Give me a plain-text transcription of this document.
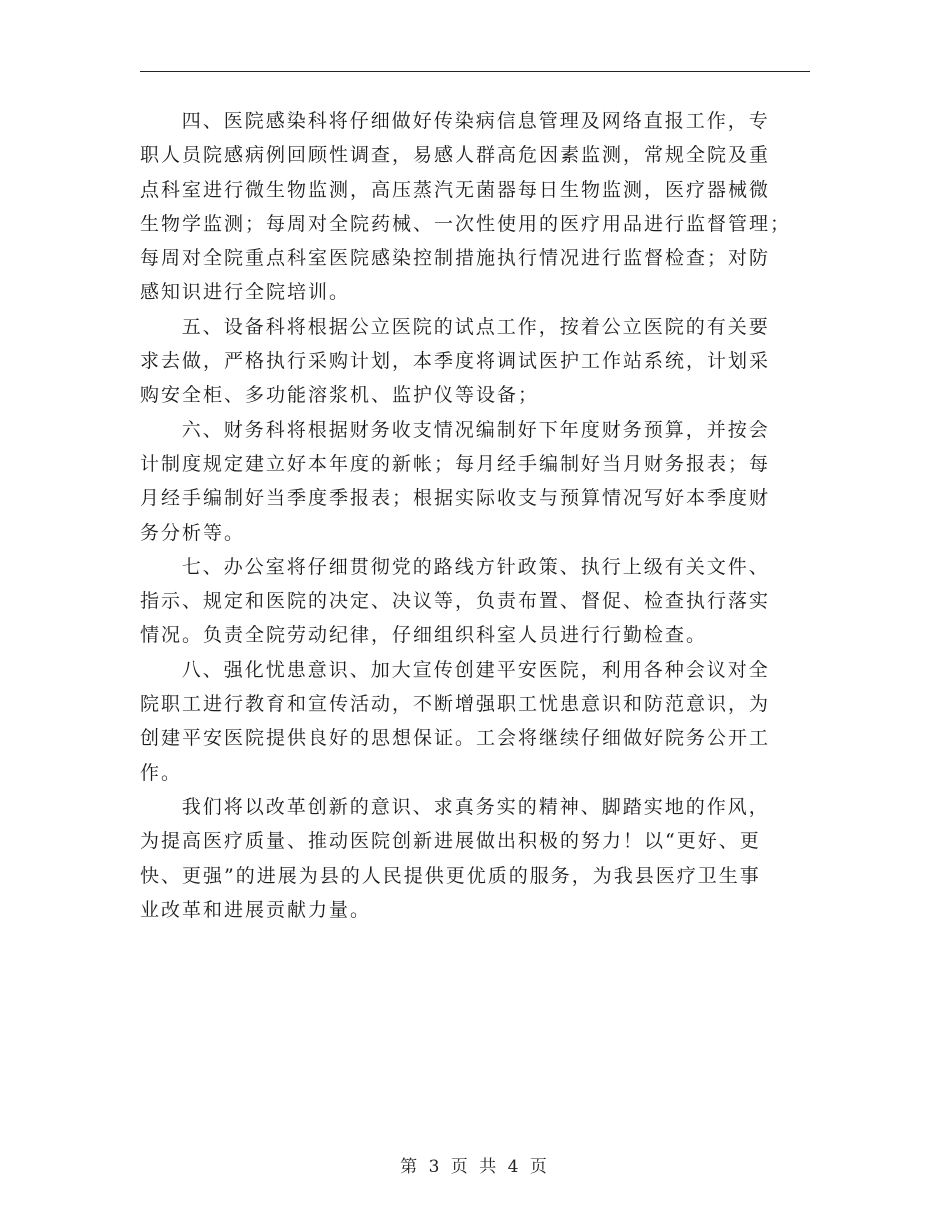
四、医院感染科将仔细做好传染病信息管理及网络直报工作，专
职人员院感病例回顾性调查，易感人群高危因素监测，常规全院及重
点科室进行微生物监测，高压蒸汽无菌器每日生物监测，医疗器械微
生物学监测；每周对全院药械、一次性使用的医疗用品进行监督管理；
每周对全院重点科室医院感染控制措施执行情况进行监督检查；对防
感知识进行全院培训。

五、设备科将根据公立医院的试点工作，按着公立医院的有关要
求去做，严格执行采购计划，本季度将调试医护工作站系统，计划采
购安全柜、多功能溶浆机、监护仪等设备；

六、财务科将根据财务收支情况编制好下年度财务预算，并按会
计制度规定建立好本年度的新帐；每月经手编制好当月财务报表；每
月经手编制好当季度季报表；根据实际收支与预算情况写好本季度财
务分析等。

七、办公室将仔细贯彻党的路线方针政策、执行上级有关文件、
指示、规定和医院的决定、决议等，负责布置、督促、检查执行落实
情况。负责全院劳动纪律，仔细组织科室人员进行行勤检查。

八、强化忧患意识、加大宣传创建平安医院，利用各种会议对全
院职工进行教育和宣传活动，不断增强职工忧患意识和防范意识，为
创建平安医院提供良好的思想保证。工会将继续仔细做好院务公开工
作。

我们将以改革创新的意识、求真务实的精神、脚踏实地的作风，
为提高医疗质量、推动医院创新进展做出积极的努力！以“更好、更
快、更强”的进展为县的人民提供更优质的服务，为我县医疗卫生事
业改革和进展贡献力量。

第 3 页 共 4 页
